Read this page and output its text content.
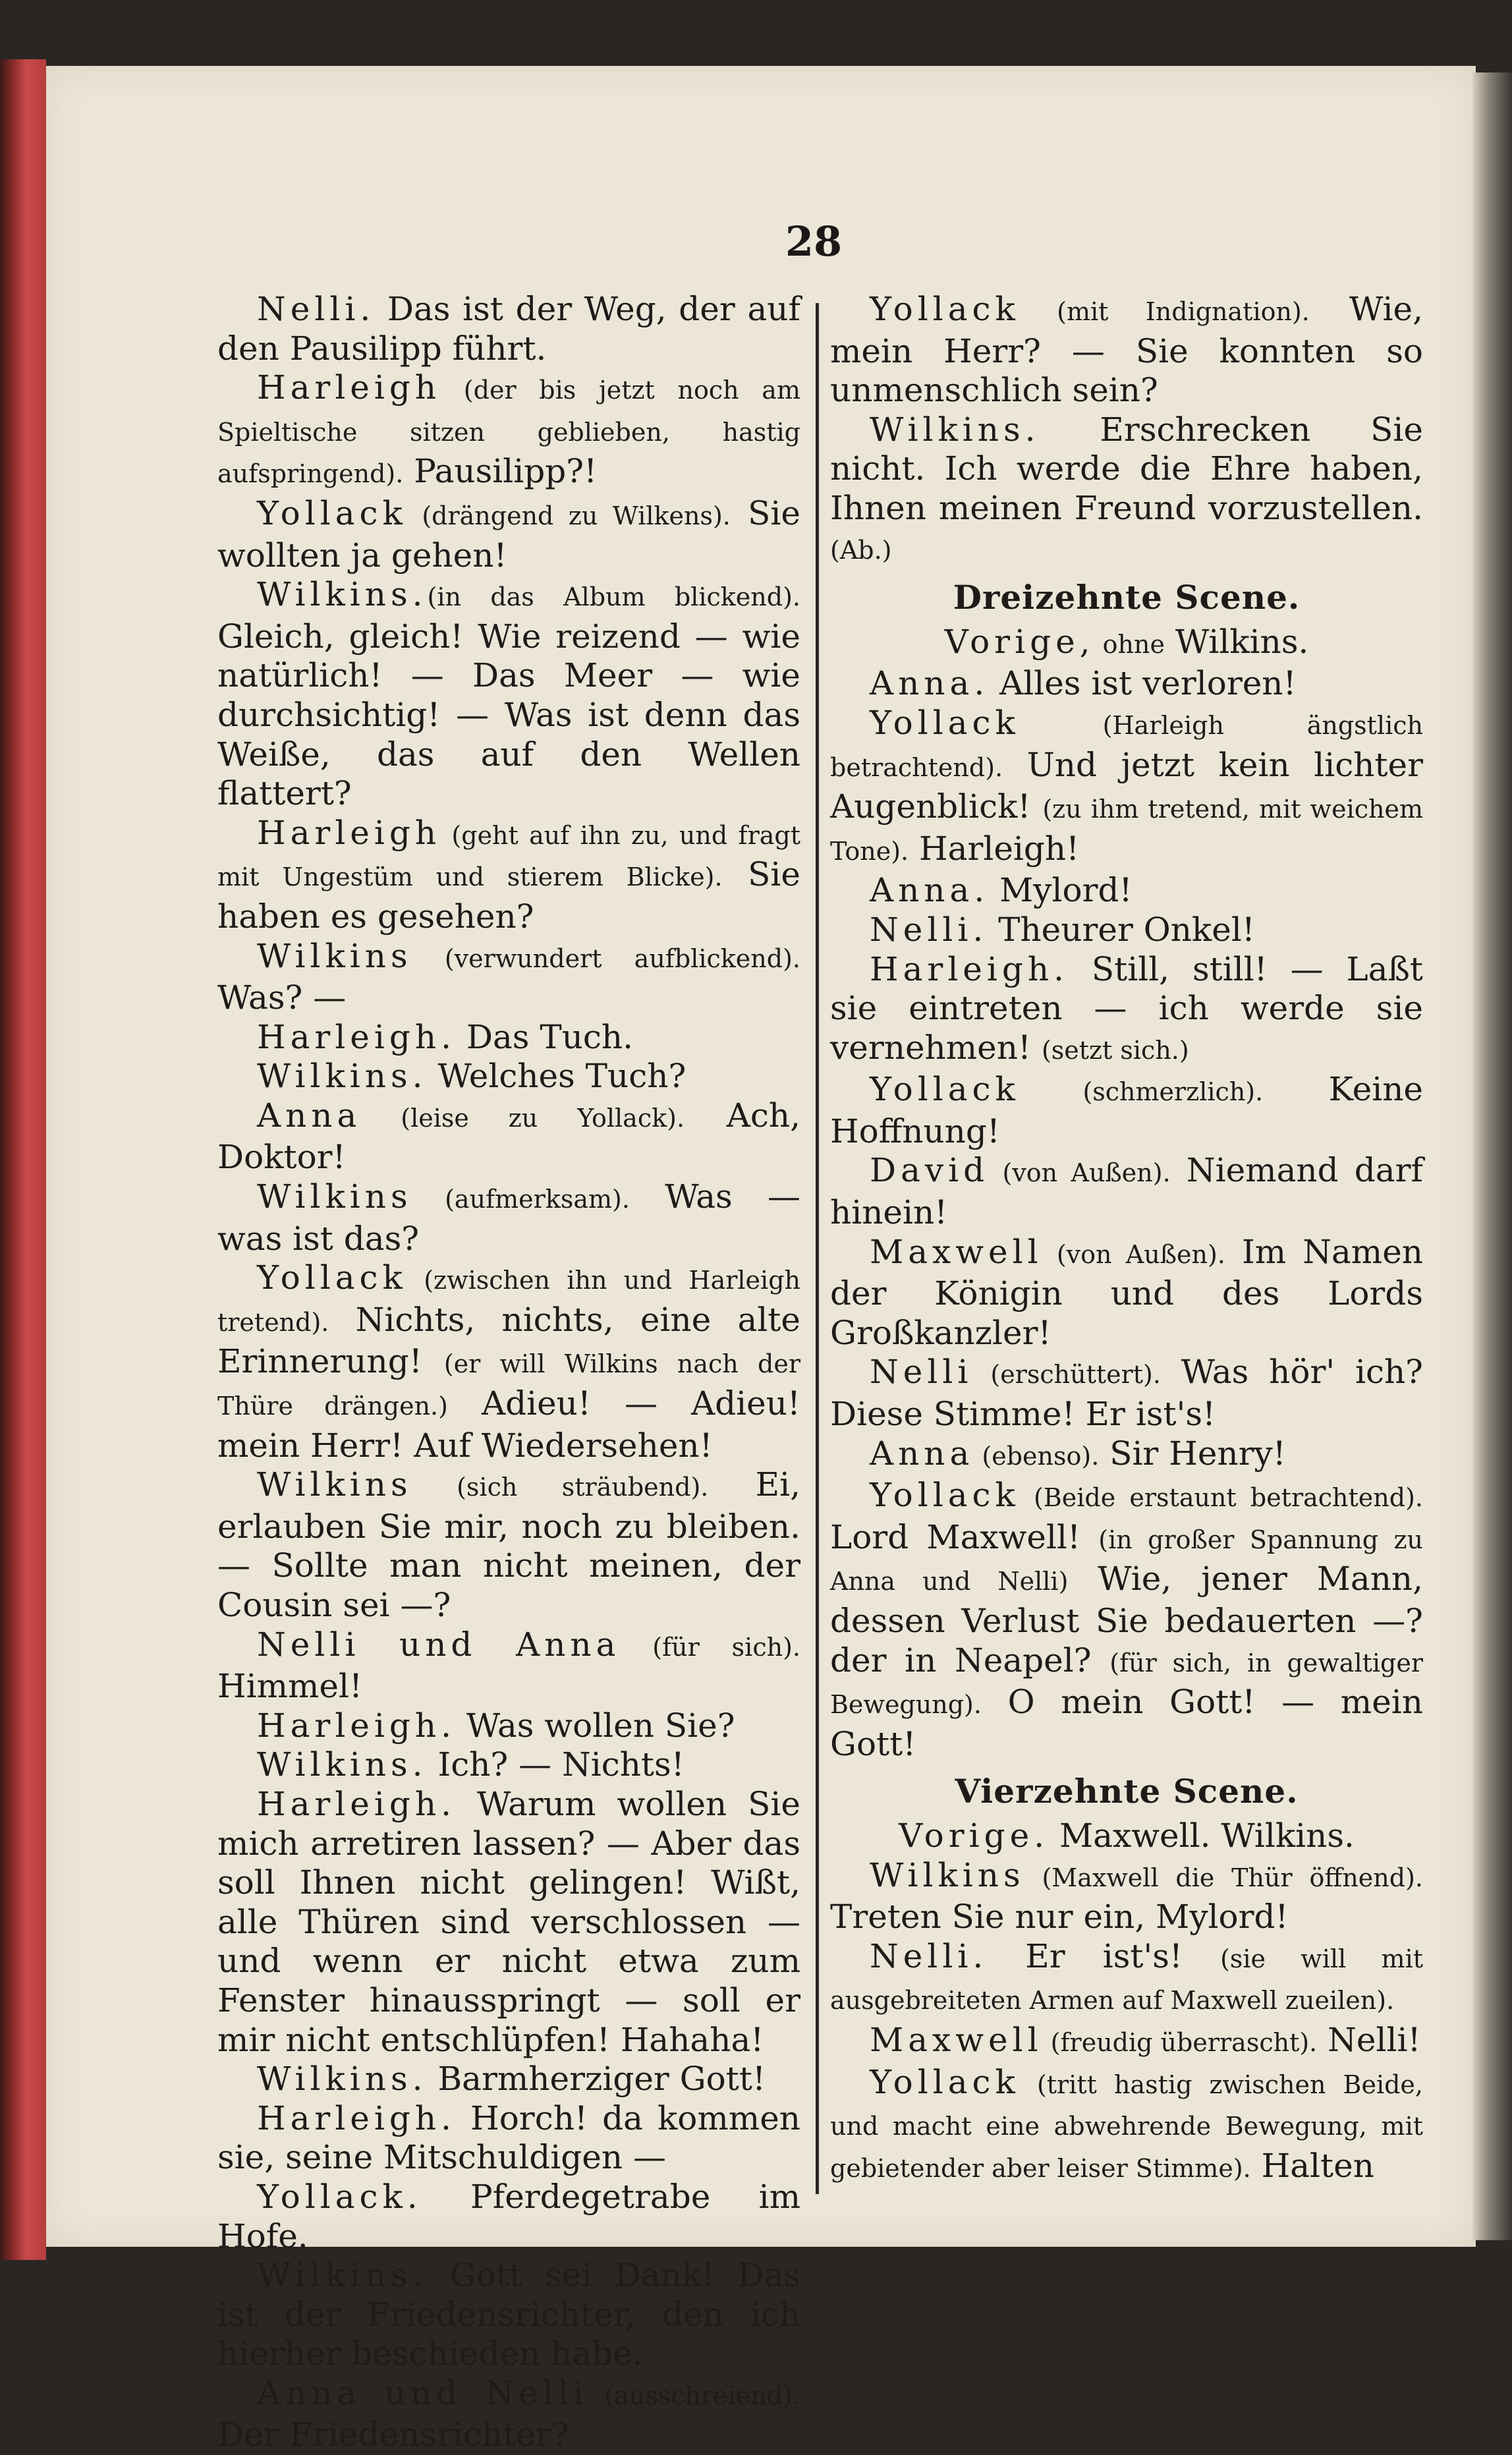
28

Nelli. Das ist der Weg, der auf den Pausilipp führt.

Harleigh (der bis jetzt noch am Spieltische sitzen geblieben, hastig aufspringend). Pausilipp?!

Yollack (drängend zu Wilkens). Sie wollten ja gehen!

Wilkins.(in das Album blickend). Gleich, gleich! Wie reizend — wie natürlich! — Das Meer — wie durchsichtig! — Was ist denn das Weiße, das auf den Wellen flattert?

Harleigh (geht auf ihn zu, und fragt mit Ungestüm und stierem Blicke). Sie haben es gesehen?

Wilkins (verwundert aufblickend). Was? —

Harleigh. Das Tuch.

Wilkins. Welches Tuch?

Anna (leise zu Yollack). Ach, Doktor!

Wilkins (aufmerksam). Was — was ist das?

Yollack (zwischen ihn und Harleigh tretend). Nichts, nichts, eine alte Erinnerung! (er will Wilkins nach der Thüre drängen.) Adieu! — Adieu! mein Herr! Auf Wiedersehen!

Wilkins (sich sträubend). Ei, erlauben Sie mir, noch zu bleiben. — Sollte man nicht meinen, der Cousin sei —?

Nelli und Anna (für sich). Himmel!

Harleigh. Was wollen Sie?

Wilkins. Ich? — Nichts!

Harleigh. Warum wollen Sie mich arretiren lassen? — Aber das soll Ihnen nicht gelingen! Wißt, alle Thüren sind verschlossen — und wenn er nicht etwa zum Fenster hinausspringt — soll er mir nicht entschlüpfen! Hahaha!

Wilkins. Barmherziger Gott!

Harleigh. Horch! da kommen sie, seine Mitschuldigen —

Yollack. Pferdegetrabe im Hofe.

Wilkins. Gott sei Dank! Das ist der Friedensrichter, den ich hierher beschieden habe.

Anna und Nelli (ausschreiend). Der Friedensrichter?

Yollack (mit Indignation). Wie, mein Herr? — Sie konnten so unmenschlich sein?

Wilkins. Erschrecken Sie nicht. Ich werde die Ehre haben, Ihnen meinen Freund vorzustellen. (Ab.)

Dreizehnte Scene.

Vorige, ohne Wilkins.

Anna. Alles ist verloren!

Yollack (Harleigh ängstlich betrachtend). Und jetzt kein lichter Augenblick! (zu ihm tretend, mit weichem Tone). Harleigh!

Anna. Mylord!

Nelli. Theurer Onkel!

Harleigh. Still, still! — Laßt sie eintreten — ich werde sie vernehmen! (setzt sich.)

Yollack (schmerzlich). Keine Hoffnung!

David (von Außen). Niemand darf hinein!

Maxwell (von Außen). Im Namen der Königin und des Lords Großkanzler!

Nelli (erschüttert). Was hör' ich? Diese Stimme! Er ist's!

Anna (ebenso). Sir Henry!

Yollack (Beide erstaunt betrachtend). Lord Maxwell! (in großer Spannung zu Anna und Nelli) Wie, jener Mann, dessen Verlust Sie bedauerten —? der in Neapel? (für sich, in gewaltiger Bewegung). O mein Gott! — mein Gott!

Vierzehnte Scene.

Vorige. Maxwell. Wilkins.

Wilkins (Maxwell die Thür öffnend). Treten Sie nur ein, Mylord!

Nelli. Er ist's! (sie will mit ausgebreiteten Armen auf Maxwell zueilen).

Maxwell (freudig überrascht). Nelli!

Yollack (tritt hastig zwischen Beide, und macht eine abwehrende Bewegung, mit gebietender aber leiser Stimme). Halten
